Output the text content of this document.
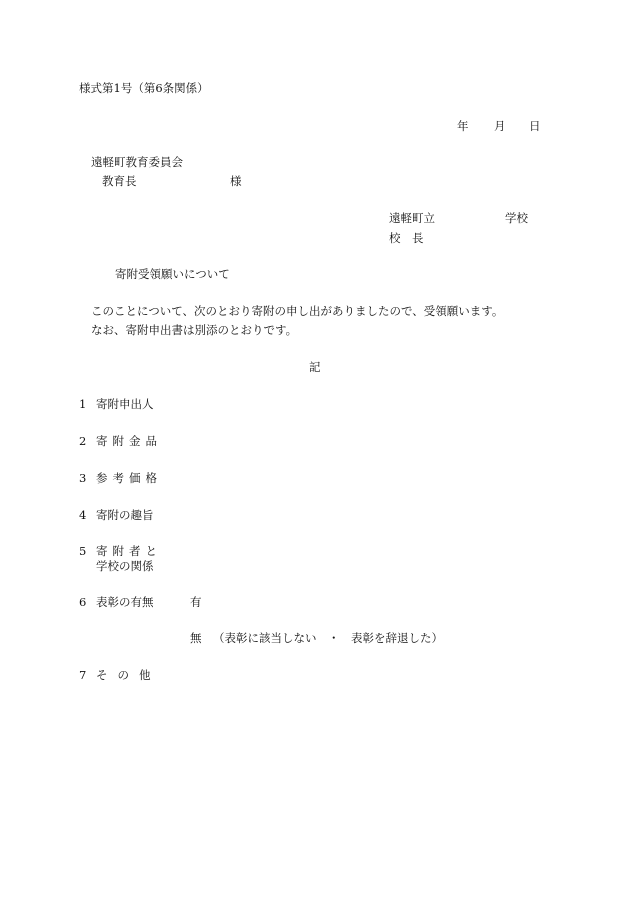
様式第1号（第6条関係）
年 月 日
遠軽町教育委員会
教育長	様
遠軽町立	学校
校　長
寄附受領願いについて
このことについて、次のとおり寄附の申し出がありましたので、受領願います。
なお、寄附申出書は別添のとおりです。
記
1 寄附申出人
2 寄附金品
3 参考価格
4 寄附の趣旨
5 寄附者と
学校の関係
6 表彰の有無	有
無 （表彰に該当しない　・　表彰を辞退した）
7 その他
